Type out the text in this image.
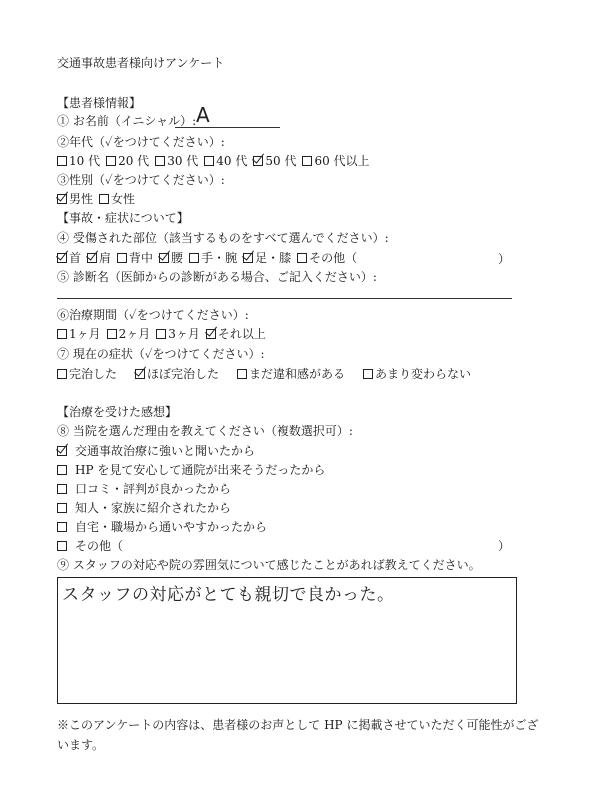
交通事故患者様向けアンケート
【患者様情報】
① お名前（イニシャル）: A
②年代（✓をつけてください）:
10 代 20 代 30 代 40 代 50 代 60 代以上
③性別（✓をつけてください）:
男性 女性
【事故・症状について】
④ 受傷された部位（該当するものをすべて選んでください）:
首 肩 背中 腰 手・腕 足・膝 その他（	）
⑤ 診断名（医師からの診断がある場合、ご記入ください）:
⑥治療期間（✓をつけてください）:
1ヶ月 2ヶ月 3ヶ月 それ以上
⑦ 現在の症状（✓をつけてください）:
完治した	ほぼ完治した	まだ違和感がある	あまり変わらない
【治療を受けた感想】
⑧ 当院を選んだ理由を教えてください（複数選択可）:
交通事故治療に強いと聞いたから
HP を見て安心して通院が出来そうだったから
口コミ・評判が良かったから
知人・家族に紹介されたから
自宅・職場から通いやすかったから
その他（	）
⑨ スタッフの対応や院の雰囲気について感じたことがあれば教えてください。
スタッフの対応がとても親切で良かった。
※このアンケートの内容は、患者様のお声として HP に掲載させていただく可能性がございます。
